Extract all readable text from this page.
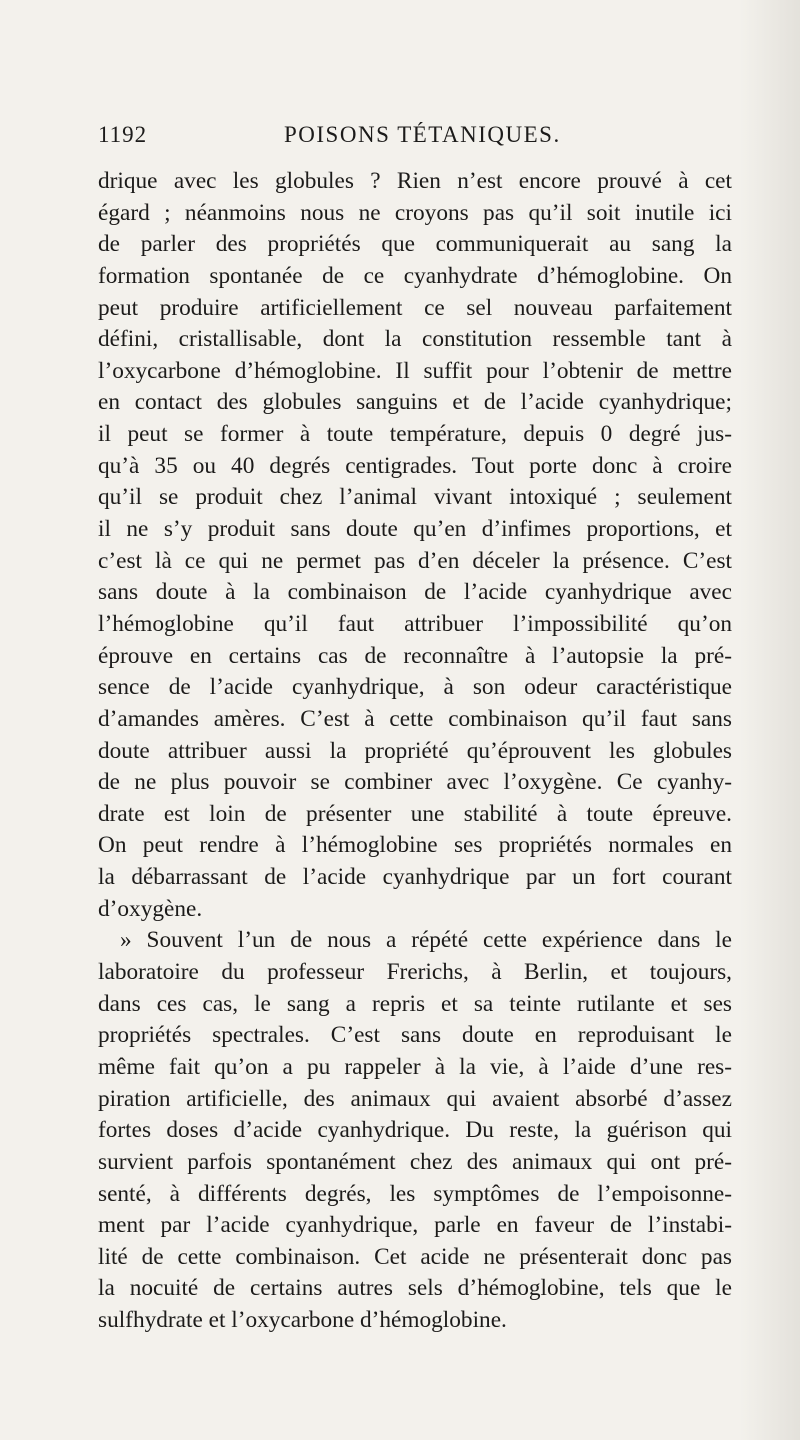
1192	POISONS TÉTANIQUES.
drique avec les globules ? Rien n’est encore prouvé à cet
égard ; néanmoins nous ne croyons pas qu’il soit inutile ici
de parler des propriétés que communiquerait au sang la
formation spontanée de ce cyanhydrate d’hémoglobine. On
peut produire artificiellement ce sel nouveau parfaitement
défini, cristallisable, dont la constitution ressemble tant à
l’oxycarbone d’hémoglobine. Il suffit pour l’obtenir de mettre
en contact des globules sanguins et de l’acide cyanhydrique;
il peut se former à toute température, depuis 0 degré jus-
qu’à 35 ou 40 degrés centigrades. Tout porte donc à croire
qu’il se produit chez l’animal vivant intoxiqué ; seulement
il ne s’y produit sans doute qu’en d’infimes proportions, et
c’est là ce qui ne permet pas d’en déceler la présence. C’est
sans doute à la combinaison de l’acide cyanhydrique avec
l’hémoglobine qu’il faut attribuer l’impossibilité qu’on
éprouve en certains cas de reconnaître à l’autopsie la pré-
sence de l’acide cyanhydrique, à son odeur caractéristique
d’amandes amères. C’est à cette combinaison qu’il faut sans
doute attribuer aussi la propriété qu’éprouvent les globules
de ne plus pouvoir se combiner avec l’oxygène. Ce cyanhy-
drate est loin de présenter une stabilité à toute épreuve.
On peut rendre à l’hémoglobine ses propriétés normales en
la débarrassant de l’acide cyanhydrique par un fort courant
d’oxygène.
» Souvent l’un de nous a répété cette expérience dans le
laboratoire du professeur Frerichs, à Berlin, et toujours,
dans ces cas, le sang a repris et sa teinte rutilante et ses
propriétés spectrales. C’est sans doute en reproduisant le
même fait qu’on a pu rappeler à la vie, à l’aide d’une res-
piration artificielle, des animaux qui avaient absorbé d’assez
fortes doses d’acide cyanhydrique. Du reste, la guérison qui
survient parfois spontanément chez des animaux qui ont pré-
senté, à différents degrés, les symptômes de l’empoisonne-
ment par l’acide cyanhydrique, parle en faveur de l’instabi-
lité de cette combinaison. Cet acide ne présenterait donc pas
la nocuité de certains autres sels d’hémoglobine, tels que le
sulfhydrate et l’oxycarbone d’hémoglobine.
